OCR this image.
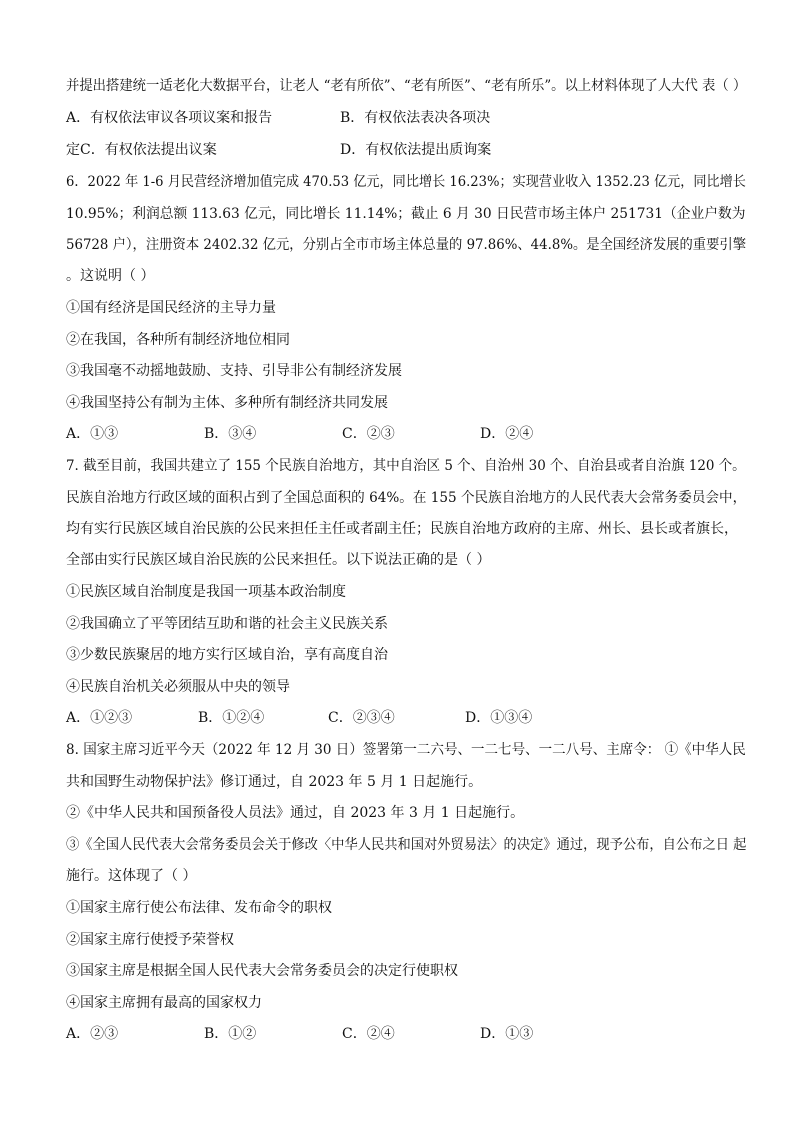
并提出搭建统一适老化大数据平台，让老人 “老有所依”、“老有所医”、“老有所乐”。以上材料体现了人大代 表（ ）
A．有权依法审议各项议案和报告	B．有权依法表决各项决
定C．有权依法提出议案	D．有权依法提出质询案
6．2022 年 1-6 月民营经济增加值完成 470.53 亿元，同比增长 16.23%；实现营业收入 1352.23 亿元，同比增长
10.95%；利润总额 113.63 亿元，同比增长 11.14%；截止 6 月 30 日民营市场主体户 251731（企业户数为
56728 户），注册资本 2402.32 亿元，分别占全市市场主体总量的 97.86%、44.8%。是全国经济发展的重要引擎
。这说明（ ）
①国有经济是国民经济的主导力量
②在我国，各种所有制经济地位相同
③我国毫不动摇地鼓励、支持、引导非公有制经济发展
④我国坚持公有制为主体、多种所有制经济共同发展
A．①③	B．③④	C．②③	D．②④
7. 截至目前，我国共建立了 155 个民族自治地方，其中自治区 5 个、自治州 30 个、自治县或者自治旗 120 个。
民族自治地方行政区域的面积占到了全国总面积的 64%。在 155 个民族自治地方的人民代表大会常务委员会中，
均有实行民族区域自治民族的公民来担任主任或者副主任；民族自治地方政府的主席、州长、县长或者旗长，
全部由实行民族区域自治民族的公民来担任。以下说法正确的是（ ）
①民族区域自治制度是我国一项基本政治制度
②我国确立了平等团结互助和谐的社会主义民族关系
③少数民族聚居的地方实行区域自治，享有高度自治
④民族自治机关必须服从中央的领导
A．①②③	B．①②④	C．②③④	D．①③④
8. 国家主席习近平今天（2022 年 12 月 30 日）签署第一二六号、一二七号、一二八号、主席令： ①《中华人民
共和国野生动物保护法》修订通过，自 2023 年 5 月 1 日起施行。
②《中华人民共和国预备役人员法》通过，自 2023 年 3 月 1 日起施行。
③《全国人民代表大会常务委员会关于修改〈中华人民共和国对外贸易法〉的决定》通过，现予公布，自公布之日 起
施行。这体现了（ ）
①国家主席行使公布法律、发布命令的职权
②国家主席行使授予荣誉权
③国家主席是根据全国人民代表大会常务委员会的决定行使职权
④国家主席拥有最高的国家权力
A．②③	B．①②	C．②④	D．①③
